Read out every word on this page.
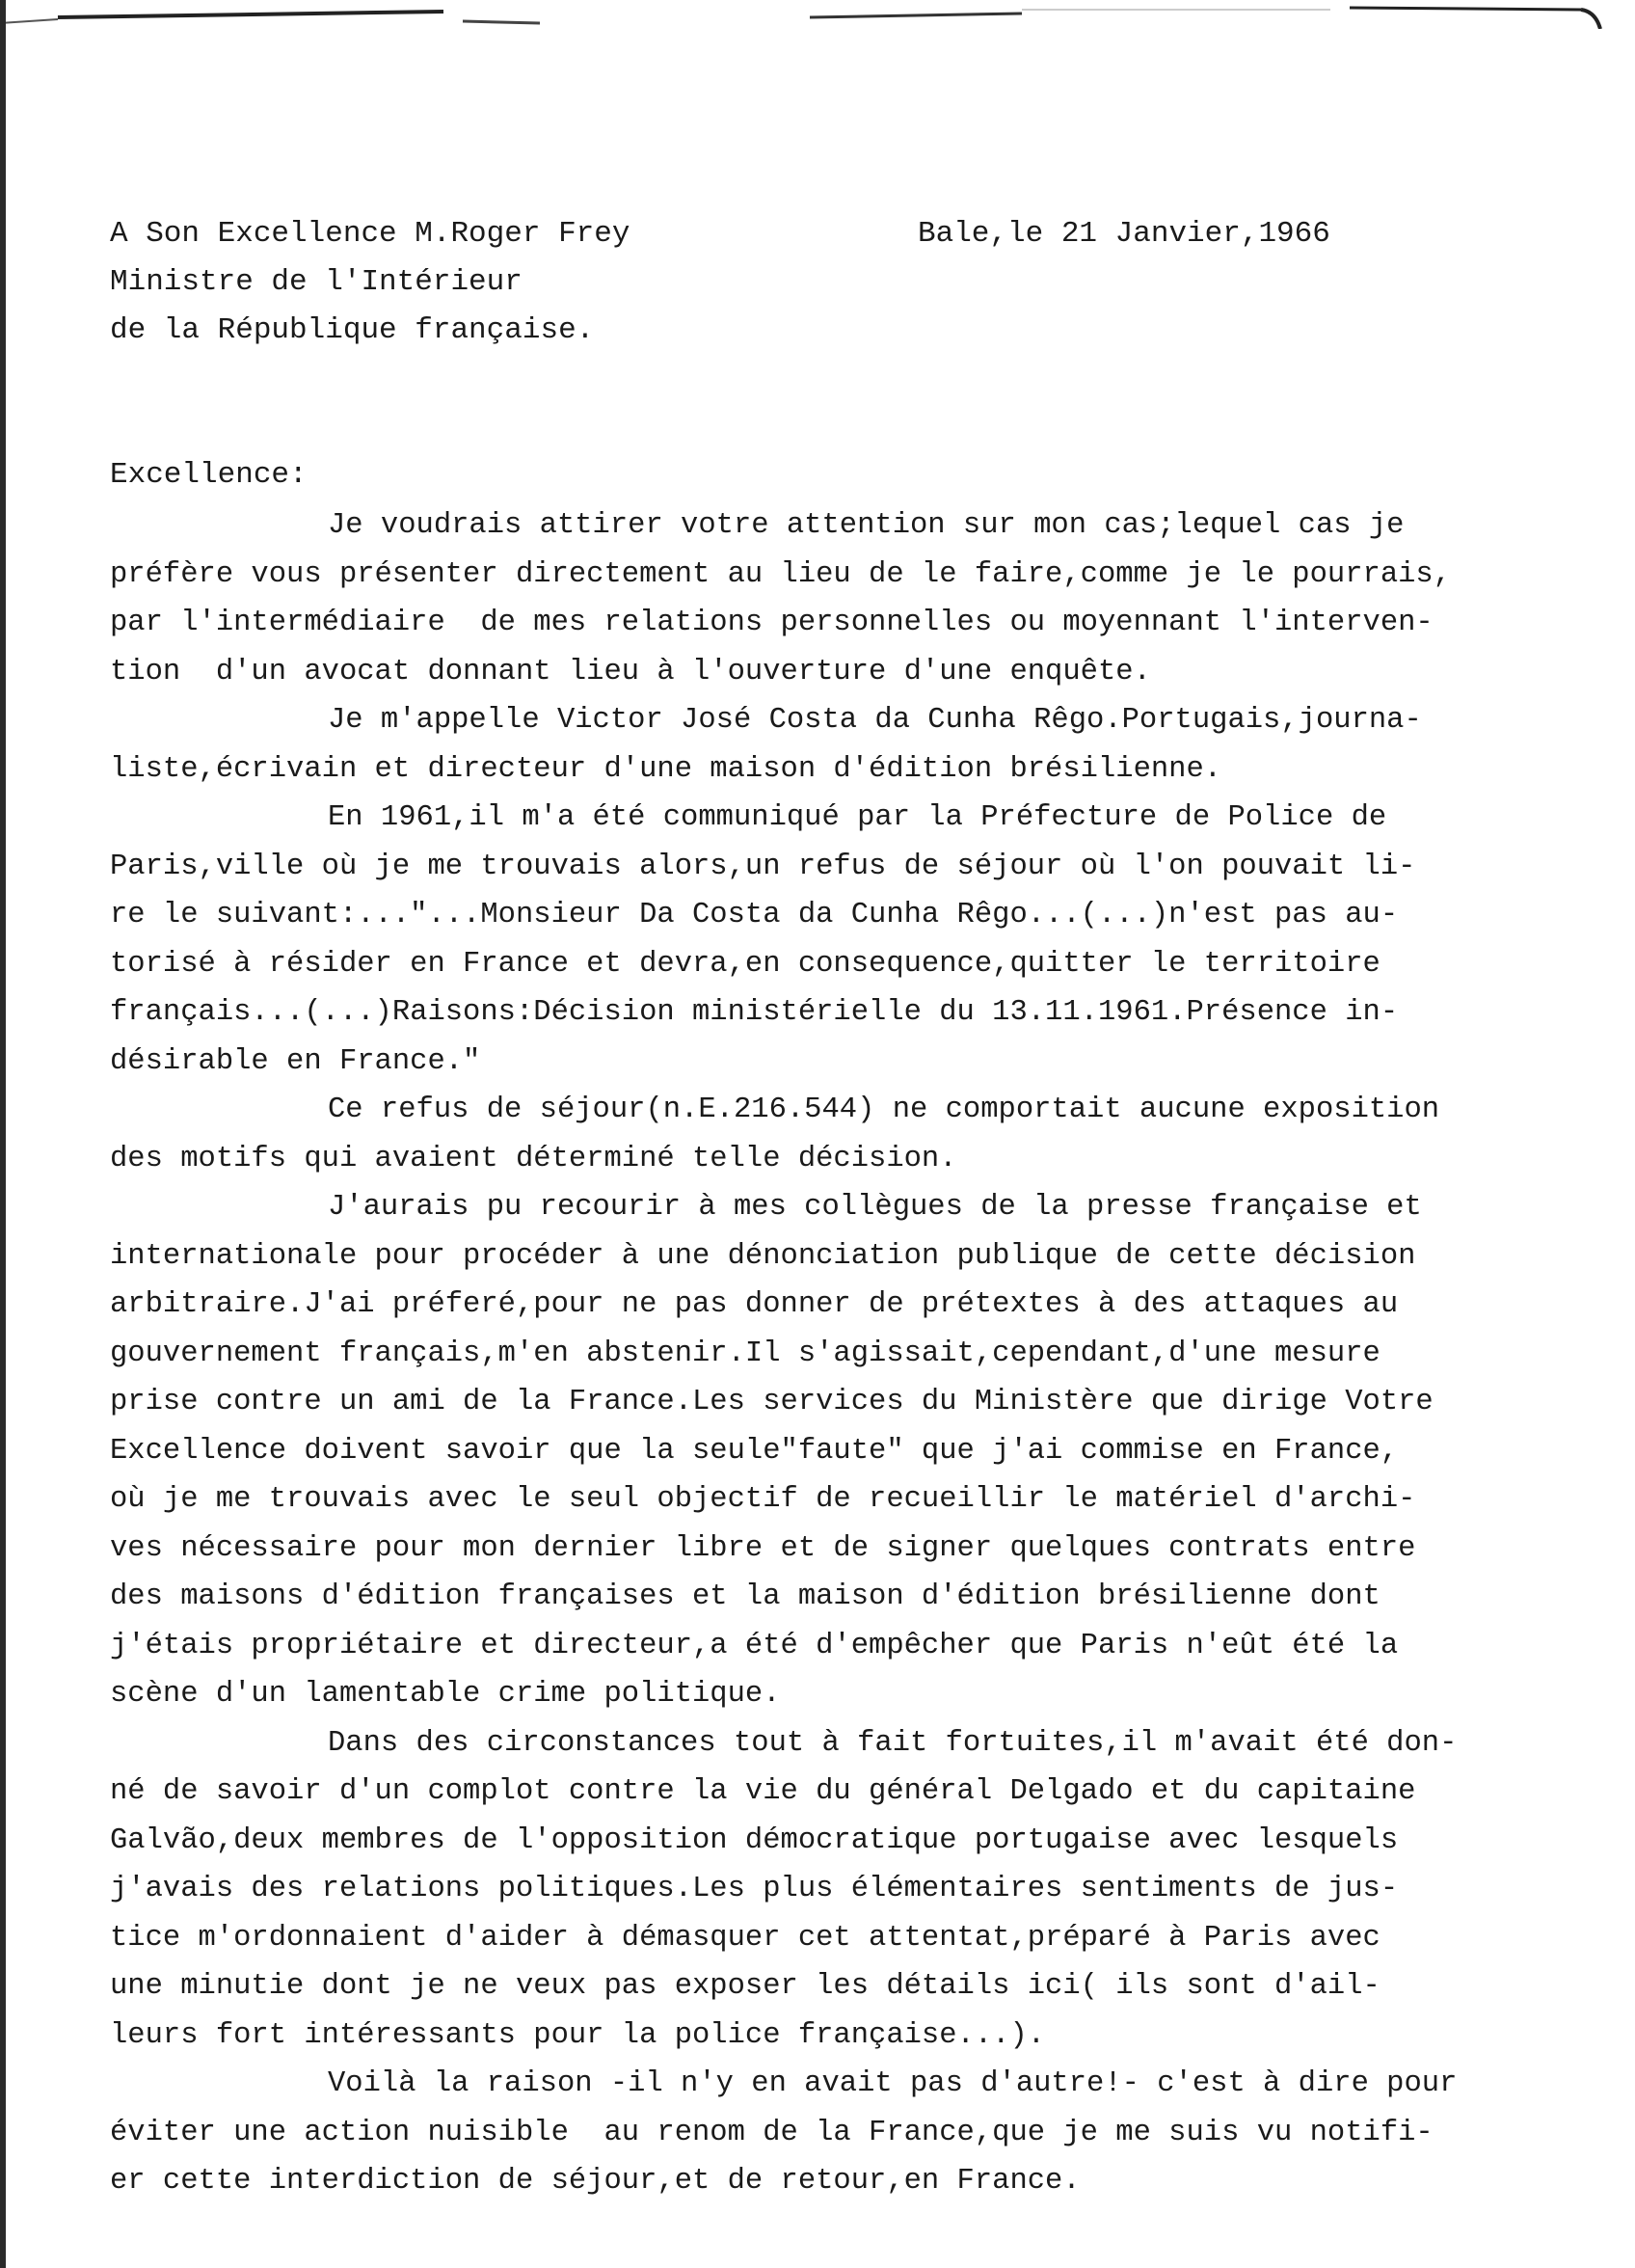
A Son Excellence M.Roger Frey
Ministre de l'Intérieur
de la République française.
Bale,le 21 Janvier,1966
Excellence:
Je voudrais attirer votre attention sur mon cas;lequel cas je
préfère vous présenter directement au lieu de le faire,comme je le pourrais,
par l'intermédiaire  de mes relations personnelles ou moyennant l'interven-
tion  d'un avocat donnant lieu à l'ouverture d'une enquête.
Je m'appelle Victor José Costa da Cunha Rêgo.Portugais,journa-
liste,écrivain et directeur d'une maison d'édition brésilienne.
En 1961,il m'a été communiqué par la Préfecture de Police de
Paris,ville où je me trouvais alors,un refus de séjour où l'on pouvait li-
re le suivant:..."...Monsieur Da Costa da Cunha Rêgo...(...)n'est pas au-
torisé à résider en France et devra,en consequence,quitter le territoire
français...(...)Raisons:Décision ministérielle du 13.11.1961.Présence in-
désirable en France."
Ce refus de séjour(n.E.216.544) ne comportait aucune exposition
des motifs qui avaient déterminé telle décision.
J'aurais pu recourir à mes collègues de la presse française et
internationale pour procéder à une dénonciation publique de cette décision
arbitraire.J'ai préferé,pour ne pas donner de prétextes à des attaques au
gouvernement français,m'en abstenir.Il s'agissait,cependant,d'une mesure
prise contre un ami de la France.Les services du Ministère que dirige Votre
Excellence doivent savoir que la seule"faute" que j'ai commise en France,
où je me trouvais avec le seul objectif de recueillir le matériel d'archi-
ves nécessaire pour mon dernier libre et de signer quelques contrats entre
des maisons d'édition françaises et la maison d'édition brésilienne dont
j'étais propriétaire et directeur,a été d'empêcher que Paris n'eût été la
scène d'un lamentable crime politique.
Dans des circonstances tout à fait fortuites,il m'avait été don-
né de savoir d'un complot contre la vie du général Delgado et du capitaine
Galvão,deux membres de l'opposition démocratique portugaise avec lesquels
j'avais des relations politiques.Les plus élémentaires sentiments de jus-
tice m'ordonnaient d'aider à démasquer cet attentat,préparé à Paris avec
une minutie dont je ne veux pas exposer les détails ici( ils sont d'ail-
leurs fort intéressants pour la police française...).
Voilà la raison -il n'y en avait pas d'autre!- c'est à dire pour
éviter une action nuisible  au renom de la France,que je me suis vu notifi-
er cette interdiction de séjour,et de retour,en France.
